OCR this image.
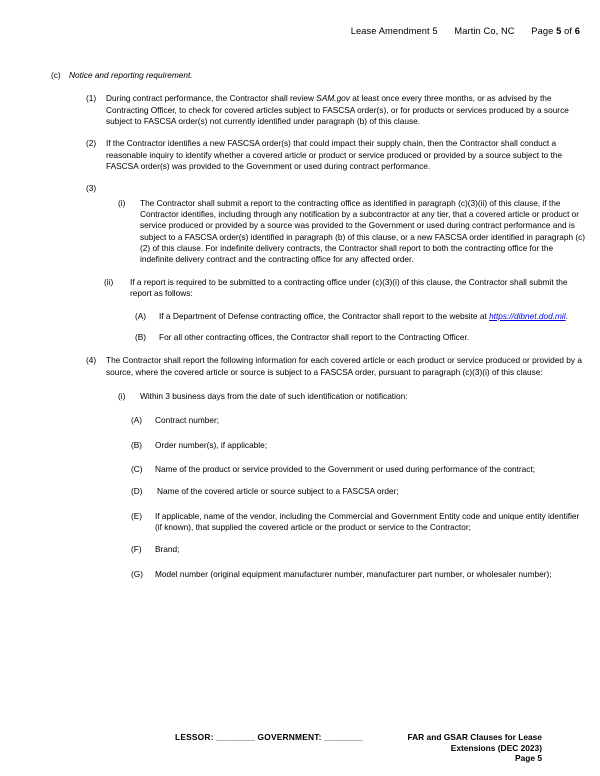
Lease Amendment 5 Martin Co, NC Page 5 of 6
(c)	Notice and reporting requirement.
(1)	During contract performance, the Contractor shall review SAM.gov at least once every three months, or as advised by the Contracting Officer, to check for covered articles subject to FASCSA order(s), or for products or services produced by a source subject to FASCSA order(s) not currently identified under paragraph (b) of this clause.
(2)	If the Contractor identifies a new FASCSA order(s) that could impact their supply chain, then the Contractor shall conduct a reasonable inquiry to identify whether a covered article or product or service produced or provided by a source subject to the FASCSA order(s) was provided to the Government or used during contract performance.
(3)
(i)	The Contractor shall submit a report to the contracting office as identified in paragraph (c)(3)(ii) of this clause, if the Contractor identifies, including through any notification by a subcontractor at any tier, that a covered article or product or service produced or provided by a source was provided to the Government or used during contract performance and is subject to a FASCSA order(s) identified in paragraph (b) of this clause, or a new FASCSA order identified in paragraph (c)(2) of this clause. For indefinite delivery contracts, the Contractor shall report to both the contracting office for the indefinite delivery contract and the contracting office for any affected order.
(ii)	If a report is required to be submitted to a contracting office under (c)(3)(i) of this clause, the Contractor shall submit the report as follows:
(A)	If a Department of Defense contracting office, the Contractor shall report to the website at https://dibnet.dod.mil.
(B)	For all other contracting offices, the Contractor shall report to the Contracting Officer.
(4)	The Contractor shall report the following information for each covered article or each product or service produced or provided by a source, where the covered article or source is subject to a FASCSA order, pursuant to paragraph (c)(3)(i) of this clause:
(i)	Within 3 business days from the date of such identification or notification:
(A)	Contract number;
(B)	Order number(s), if applicable;
(C)	Name of the product or service provided to the Government or used during performance of the contract;
(D)	Name of the covered article or source subject to a FASCSA order;
(E)	If applicable, name of the vendor, including the Commercial and Government Entity code and unique entity identifier (if known), that supplied the covered article or the product or service to the Contractor;
(F)	Brand;
(G)	Model number (original equipment manufacturer number, manufacturer part number, or wholesaler number);
LESSOR: ________ GOVERNMENT: ________	FAR and GSAR Clauses for Lease
Extensions (DEC 2023)
Page 5
